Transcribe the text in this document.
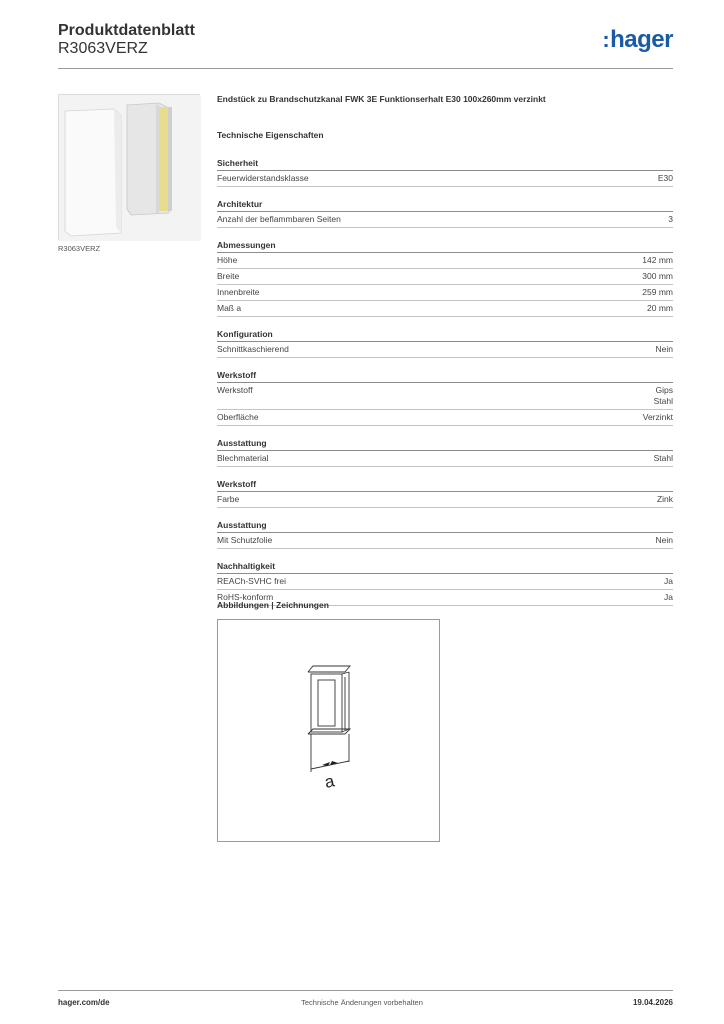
Produktdatenblatt
R3063VERZ	:hager
R3063VERZ
Endstück zu Brandschutzkanal FWK 3E Funktionserhalt E30 100x260mm verzinkt
Technische Eigenschaften
Sicherheit
Feuerwiderstandsklasse	E30
Architektur
Anzahl der beflammbaren Seiten	3
Abmessungen
Höhe	142 mm
Breite	300 mm
Innenbreite	259 mm
Maß a	20 mm
Konfiguration
Schnittkaschierend	Nein
Werkstoff
Werkstoff	Gips
Stahl
Oberfläche	Verzinkt
Ausstattung
Blechmaterial	Stahl
Werkstoff
Farbe	Zink
Ausstattung
Mit Schutzfolie	Nein
Nachhaltigkeit
REACh-SVHC frei	Ja
RoHS-konform	Ja
Abbildungen | Zeichnungen
a
hager.com/de	Technische Änderungen vorbehalten	19.04.2026
